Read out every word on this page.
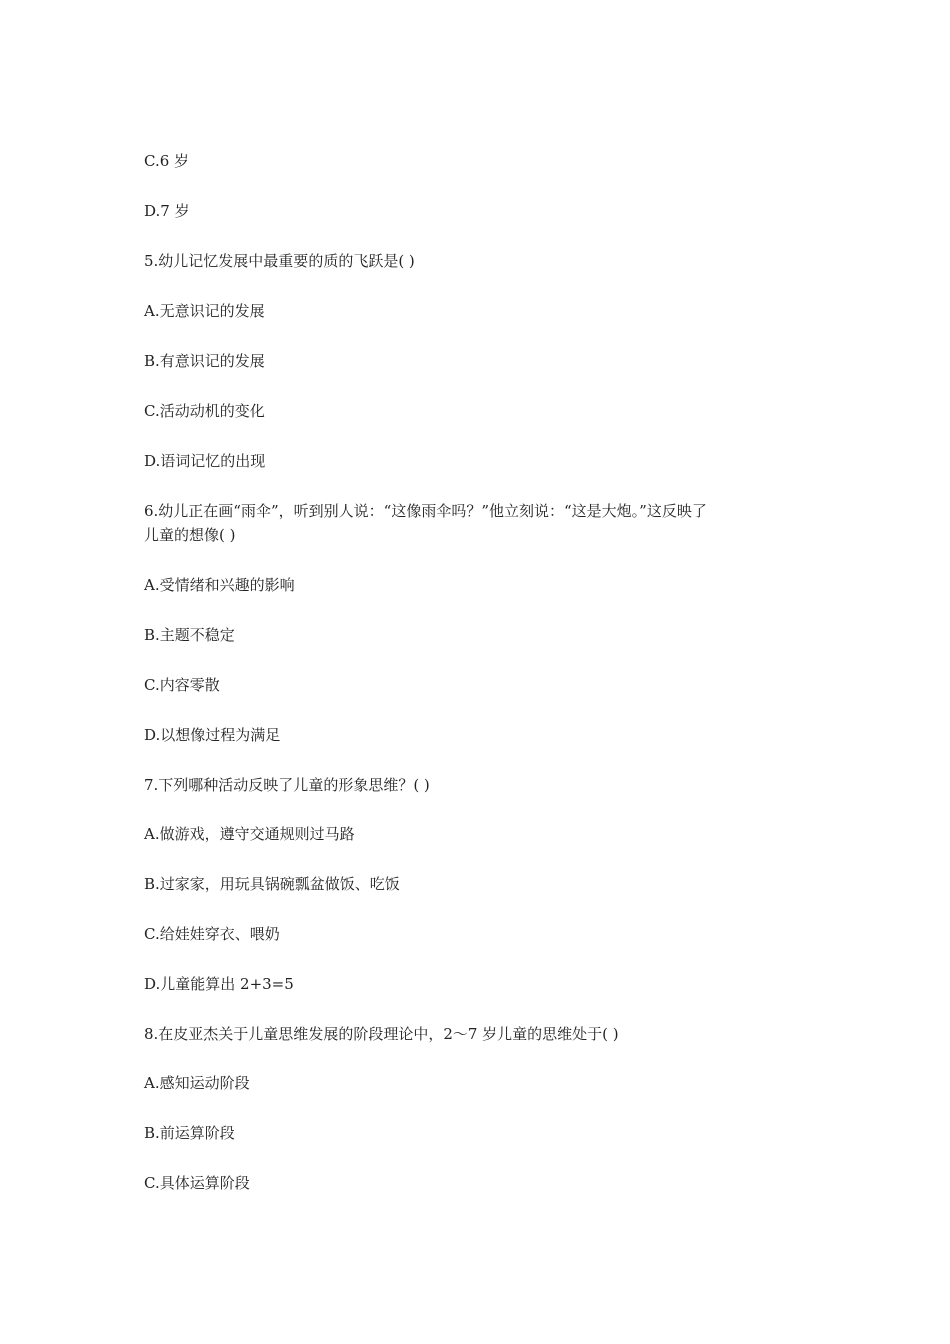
C.6 岁
D.7 岁
5.幼儿记忆发展中最重要的质的飞跃是( )
A.无意识记的发展
B.有意识记的发展
C.活动动机的变化
D.语词记忆的出现
6.幼儿正在画“雨伞”，听到别人说：“这像雨伞吗？”他立刻说：“这是大炮。”这反映了
儿童的想像( )
A.受情绪和兴趣的影响
B.主题不稳定
C.内容零散
D.以想像过程为满足
7.下列哪种活动反映了儿童的形象思维？( )
A.做游戏，遵守交通规则过马路
B.过家家，用玩具锅碗瓢盆做饭、吃饭
C.给娃娃穿衣、喂奶
D.儿童能算出 2+3=5
8.在皮亚杰关于儿童思维发展的阶段理论中，2～7 岁儿童的思维处于( )
A.感知运动阶段
B.前运算阶段
C.具体运算阶段
